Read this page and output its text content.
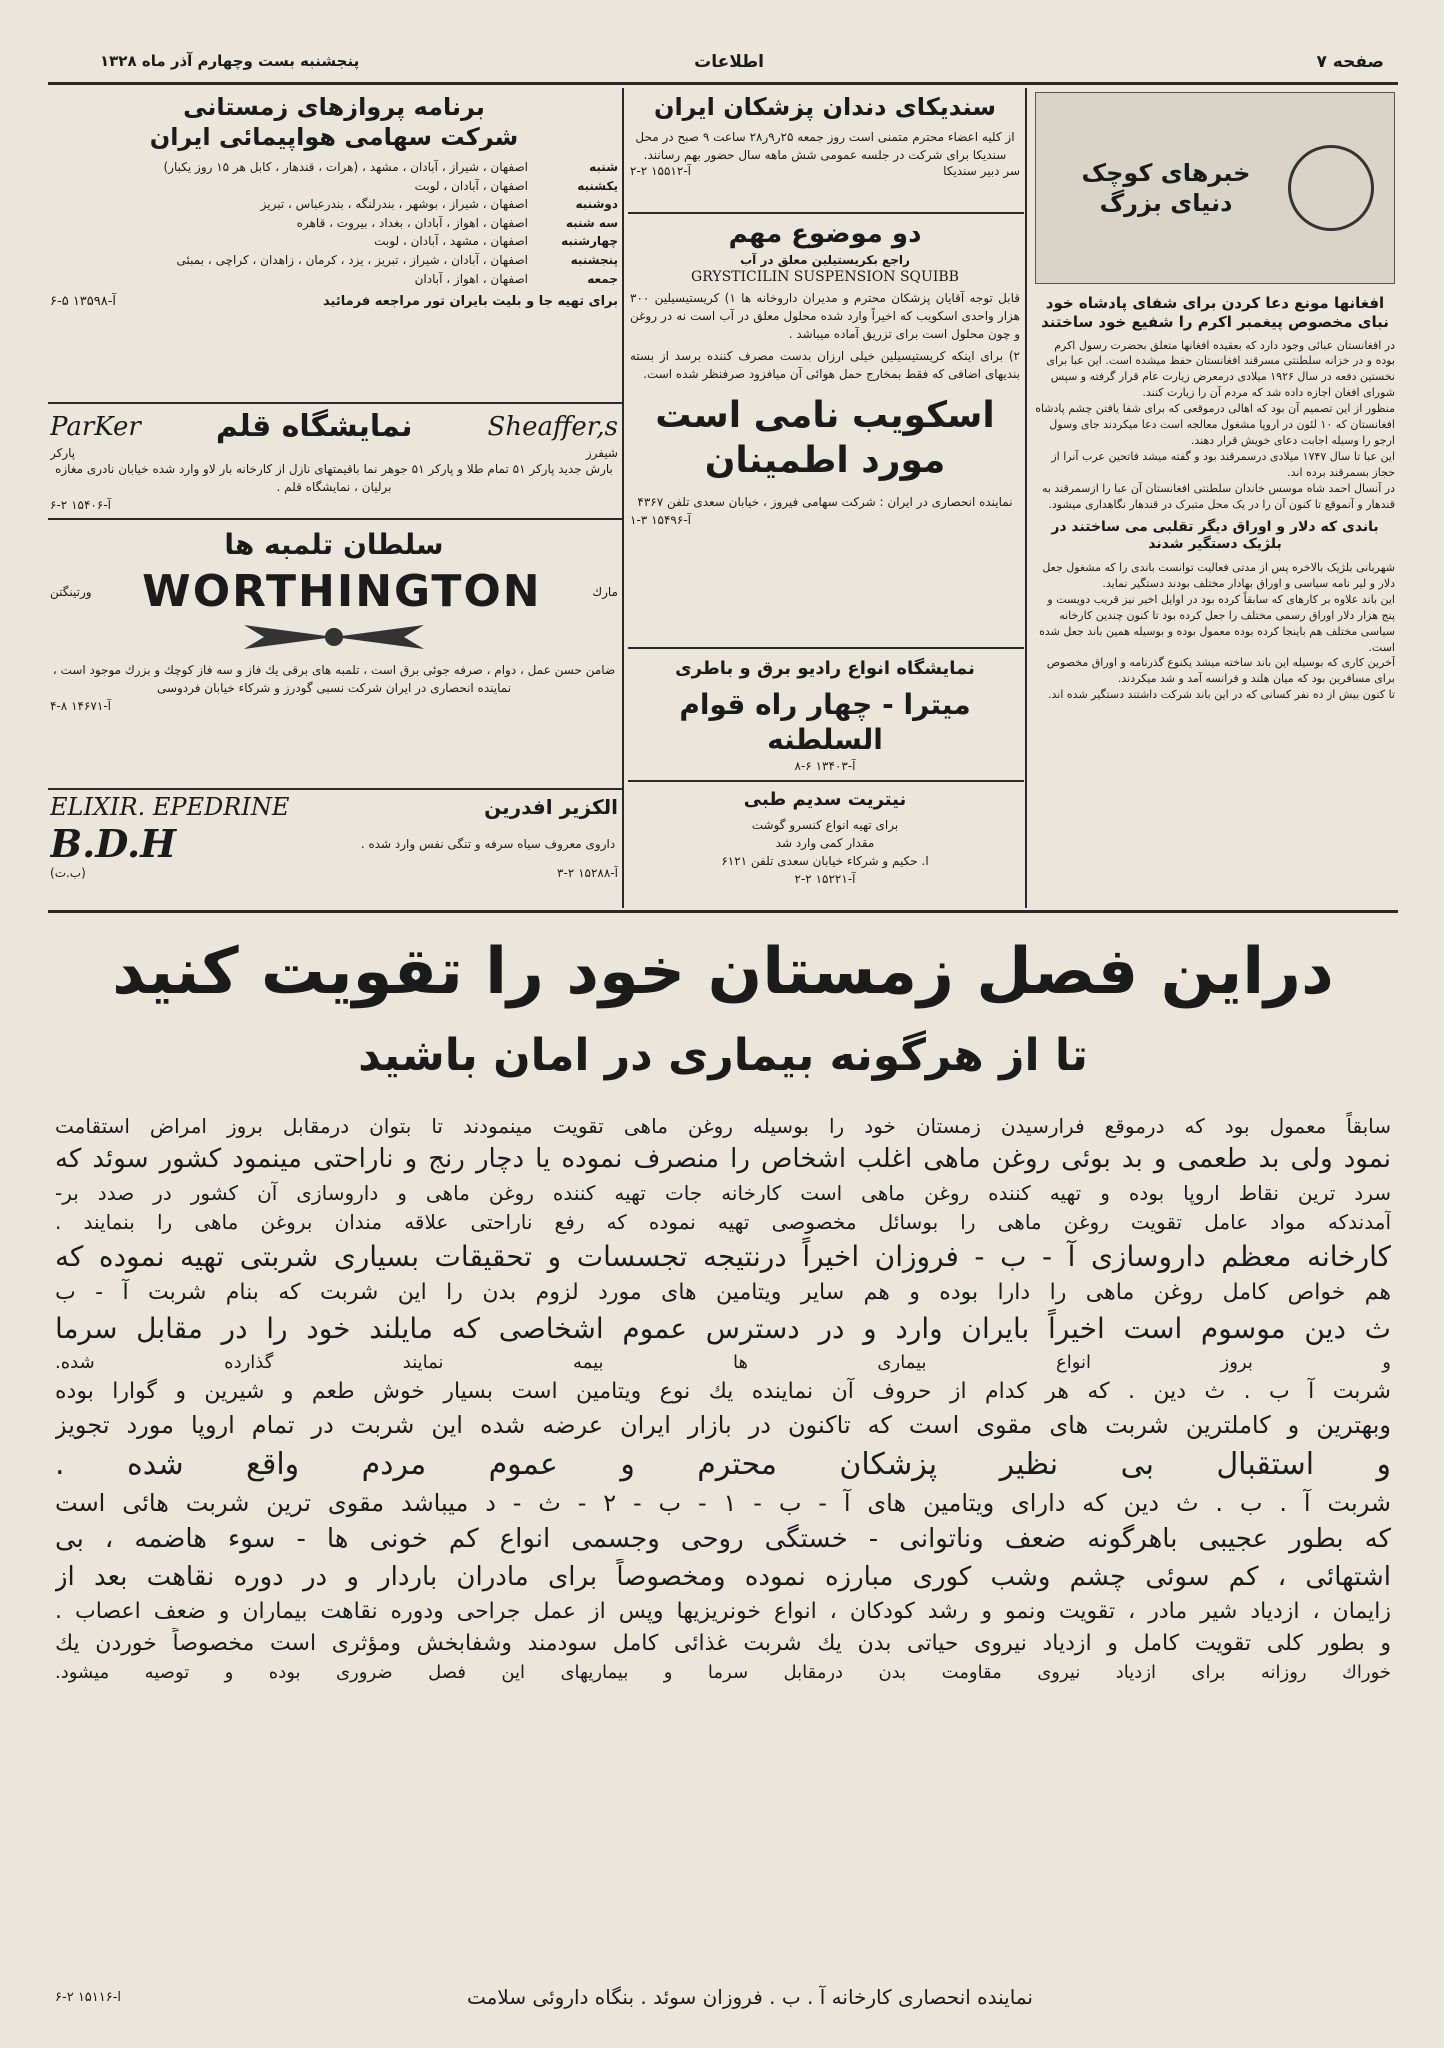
صفحه ۷
اطلاعات
پنجشنبه بست وچهارم آذر ماه ۱۳۲۸
خبرهای کوچک دنیای بزرگ

افغانها مونع دعا کردن برای شفای پادشاه خود نبای مخصوص پیغمبر اکرم را شفیع خود ساختند

در افغانستان عبائی وجود دارد که بعقیده افغانها متعلق بحضرت رسول اکرم بوده و در خزانه سلطنتی مسرقند افغانستان حفظ میشده است. این عبا برای نخستین دفعه در سال ۱۹۲۶ میلادی درمعرض زیارت عام قرار گرفته و سپس شورای افغان اجازه داده شد که مردم آن را زیارت کنند.

منظور از این تصمیم آن بود که اهالی درموقعی که برای شفا یافتن چشم پادشاه افغانستان که ۱۰ لئون در اروپا مشغول معالجه است دعا میکردند جای وسول ارجو را وسیله اجابت دعای خویش قرار دهند.

این عبا تا سال ۱۷۴۷ میلادی درسمرقند بود و گفته میشد فاتحین عرب آنرا از حجاز بسمرقند برده اند.

در آنسال احمد شاه موسس خاندان سلطنتی افغانستان آن عبا را ازسمرقند به قندهار و آنموقع تا کنون آن را در یک محل متبرک در قندهار نگاهداری میشود.

باندی که دلار و اوراق دیگر تقلبی می ساختند در بلژیک دستگیر شدند

شهربانی بلژیک بالاخره پس از مدتی فعالیت توانست باندی را که مشغول جعل دلار و لیر نامه سیاسی و اوراق بهادار مختلف بودند دستگیر نماید.

این باند علاوه بر کارهای که سابقاً کرده بود در اوایل اخیر نیز قریب دویست و پنج هزار دلار اوراق رسمی مختلف را جعل کرده بود تا کنون چندین کارخانه سیاسی مختلف هم باینجا کرده بوده معمول بوده و بوسیله همین باند جعل شده است.

آخرین کاری که بوسیله این باند ساخته میشد یکنوع گذرنامه و اوراق مخصوص برای مسافرین بود که میان هلند و فرانسه آمد و شد میکردند.

تا کنون بیش از ده نفر کسانی که در این باند شرکت داشتند دستگیر شده اند.

سندیکای دندان پزشکان ایران
از کلیه اعضاء محترم متمنی است روز جمعه ۲۵ر۹ر۲۸ ساعت ۹ صبح در محل سندیکا برای شرکت در جلسه عمومی شش ماهه سال حضور بهم رسانند.
سر دبیر سندیکا
آ-۱۵۵۱۲ ۲-۲
دو موضوع مهم
راجع بکریستیلین معلق در آب
GRYSTICILIN SUSPENSION SQUIBB

قابل توجه آقایان پزشکان محترم و مدیران داروخانه ها ۱) کریستیسیلین ۳۰۰ هزار واحدی اسکویب که اخیراً وارد شده محلول معلق در آب است نه در روغن و چون محلول است برای تزریق آماده میباشد .

۲) برای اینکه کریستیسیلین خیلی ارزان بدست مصرف کننده برسد از بسته بندیهای اضافی که فقط بمخارج حمل هوائی آن میافزود صرفنظر شده است.

اسکویب نامی است مورد اطمینان
نماینده انحصاری در ایران : شرکت سهامی فیروز ، خیابان سعدی تلفن ۴۳۶۷
آ-۱۵۴۹۶ ۳-۱
نمایشگاه انواع رادیو برق و باطری
میترا - چهار راه قوام السلطنه
آ-۱۳۴۰۳ ۶-۸
نیتریت سدیم طبی
برای تهیه انواع کنسرو گوشت
مقدار کمی وارد شد
ا. حکیم و شرکاء خیابان سعدی تلفن ۶۱۲۱
آ-۱۵۲۲۱ ۲-۲
برنامه پروازهای زمستانی
شرکت سهامی هواپیمائی ایران
شنبه
اصفهان ، شیراز ، آبادان ، مشهد ، (هرات ، قندهار ، کابل هر ۱۵ روز یکبار)
یکشنبه
اصفهان ، آبادان ، لوبت
دوشنبه
اصفهان ، شیراز ، بوشهر ، بندرلنگه ، بندرعباس ، تبریز
سه شنبه
اصفهان ، اهواز ، آبادان ، بغداد ، بیروت ، قاهره
چهارشنبه
اصفهان ، مشهد ، آبادان ، لوبت
پنجشنبه
اصفهان ، آبادان ، شیراز ، تبریز ، یزد ، کرمان ، زاهدان ، کراچی ، بمبئی
جمعه
اصفهان ، اهواز ، آبادان
برای تهیه جا و بلیت بایران تور مراجعه فرمائید
آ-۱۳۵۹۸ ۵-۶
ParKer	نمایشگاه قلم	Sheaffer,s
پارکر	شیفرز
بارش جدید پارکر ۵۱ تمام طلا و پارکر ۵۱ جوهر نما باقیمتهای نازل از کارخانه بار لاو وارد شده خیابان نادری مغازه برلیان ، نمایشگاه قلم .
آ-۱۵۴۰۶ ۲-۶
سلطان تلمبه ها
ورتینگتن WORTHINGTON	مارك
ضامن حسن عمل ، دوام ، صرفه جوئی برق است ، تلمبه های برقی یك فاز و سه فاز کوچك و بزرك موجود است ، نماینده انحصاری در ایران شرکت نسبی گودرز و شرکاء خیابان فردوسی
آ-۱۴۶۷۱ ۸-۴
ELIXIR. EPEDRINE	الکزیر افدرین
B.D.H	داروی معروف سیاه سرفه و تنگی نفس وارد شده .
(ب.ت)	آ-۱۵۲۸۸ ۲-۳
دراین فصل زمستان خود را تقویت کنید
تا از هرگونه بیماری در امان باشید
سابقاً معمول بود که درموقع فرارسیدن زمستان خود را بوسیله روغن ماهی تقویت مینمودند تا بتوان درمقابل بروز امراض استقامت
نمود ولی بد طعمی و بد بوئی روغن ماهی اغلب اشخاص را منصرف نموده یا دچار رنج و ناراحتی مینمود کشور سوئد که
سرد ترین نقاط اروپا بوده و تهیه کننده روغن ماهی است کارخانه جات تهیه کننده روغن ماهی و داروسازی آن کشور در صدد بر-
آمدندکه مواد عامل تقویت روغن ماهی را بوسائل مخصوصی تهیه نموده که رفع ناراحتی علاقه مندان بروغن ماهی را بنمایند .
کارخانه معظم داروسازی آ - ب - فروزان اخیراً درنتیجه تجسسات و تحقیقات بسیاری شربتی تهیه نموده که
هم خواص کامل روغن ماهی را دارا بوده و هم سایر ویتامین های مورد لزوم بدن را این شربت که بنام شربت آ - ب
ث دین موسوم است اخیراً بایران وارد و در دسترس عموم اشخاصی که مایلند خود را در مقابل سرما
و بروز انواع بیماری ها بیمه نمایند گذارده شده.
شربت آ ب . ث دین . که هر کدام از حروف آن نماینده یك نوع ویتامین است بسیار خوش طعم و شیرین و گوارا بوده
وبهترین و کاملترین شربت های مقوی است که تاکنون در بازار ایران عرضه شده این شربت در تمام اروپا مورد تجویز
و استقبال بی نظیر پزشکان محترم و عموم مردم واقع شده .
شربت آ . ب . ث دین که دارای ویتامین های آ - ب - ۱ - ب - ۲ - ث - د میباشد مقوی ترین شربت هائی است
که بطور عجیبی باهرگونه ضعف وناتوانی - خستگی روحی وجسمی انواع کم خونی ها - سوء هاضمه ، بی
اشتهائی ، کم سوئی چشم وشب کوری مبارزه نموده ومخصوصاً برای مادران باردار و در دوره نقاهت بعد از
زایمان ، ازدیاد شیر مادر ، تقویت ونمو و رشد کودکان ، انواع خونریزیها وپس از عمل جراحی ودوره نقاهت بیماران و ضعف اعصاب .
و بطور کلی تقویت کامل و ازدیاد نیروی حیاتی بدن یك شربت غذائی کامل سودمند وشفابخش ومؤثری است مخصوصاً خوردن یك
خوراك روزانه برای ازدیاد نیروی مقاومت بدن درمقابل سرما و بیماریهای این فصل ضروری بوده و توصیه میشود.
نماینده انحصاری کارخانه آ . ب . فروزان سوئد . بنگاه داروئی سلامت
آ-۱۵۱۱۶ ۲-۶
